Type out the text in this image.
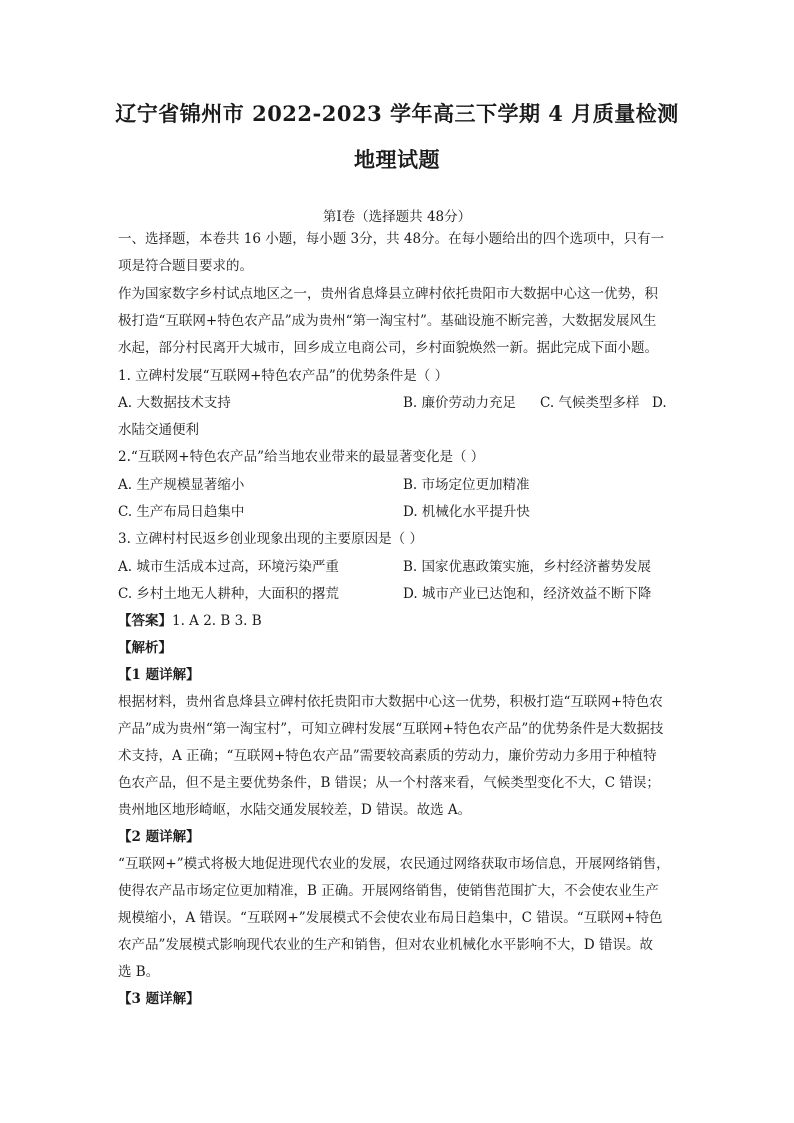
辽宁省锦州市 2022-2023 学年高三下学期 4 月质量检测
地理试题
第Ⅰ卷（选择题共 48分）
一、选择题，本卷共 16 小题，每小题 3分，共 48分。在每小题给出的四个选项中，只有一
项是符合题目要求的。
作为国家数字乡村试点地区之一，贵州省息烽县立碑村依托贵阳市大数据中心这一优势，积
极打造“互联网+特色农产品”成为贵州“第一淘宝村”。基础设施不断完善，大数据发展风生
水起，部分村民离开大城市，回乡成立电商公司，乡村面貌焕然一新。据此完成下面小题。
1. 立碑村发展“互联网+特色农产品”的优势条件是（ ）
A. 大数据技术支持	B. 廉价劳动力充足 C. 气候类型多样 D.
水陆交通便利
2.“互联网+特色农产品”给当地农业带来的最显著变化是（ ）
A. 生产规模显著缩小	B. 市场定位更加精准
C. 生产布局日趋集中	D. 机械化水平提升快
3. 立碑村村民返乡创业现象出现的主要原因是（ ）
A. 城市生活成本过高，环境污染严重	B. 国家优惠政策实施，乡村经济蓄势发展
C. 乡村土地无人耕种，大面积的撂荒	D. 城市产业已达饱和，经济效益不断下降
【答案】1. A 2. B 3. B
【解析】
【1 题详解】
根据材料，贵州省息烽县立碑村依托贵阳市大数据中心这一优势，积极打造“互联网+特色农
产品”成为贵州“第一淘宝村”，可知立碑村发展“互联网+特色农产品”的优势条件是大数据技
术支持，A 正确；“互联网+特色农产品”需要较高素质的劳动力，廉价劳动力多用于种植特
色农产品，但不是主要优势条件，B 错误；从一个村落来看，气候类型变化不大，C 错误；
贵州地区地形崎岖，水陆交通发展较差，D 错误。故选 A。
【2 题详解】
“互联网+”模式将极大地促进现代农业的发展，农民通过网络获取市场信息，开展网络销售，
使得农产品市场定位更加精准，B 正确。开展网络销售，使销售范围扩大，不会使农业生产
规模缩小，A 错误。“互联网+”发展模式不会使农业布局日趋集中，C 错误。“互联网+特色
农产品”发展模式影响现代农业的生产和销售，但对农业机械化水平影响不大，D 错误。故
选 B。
【3 题详解】
